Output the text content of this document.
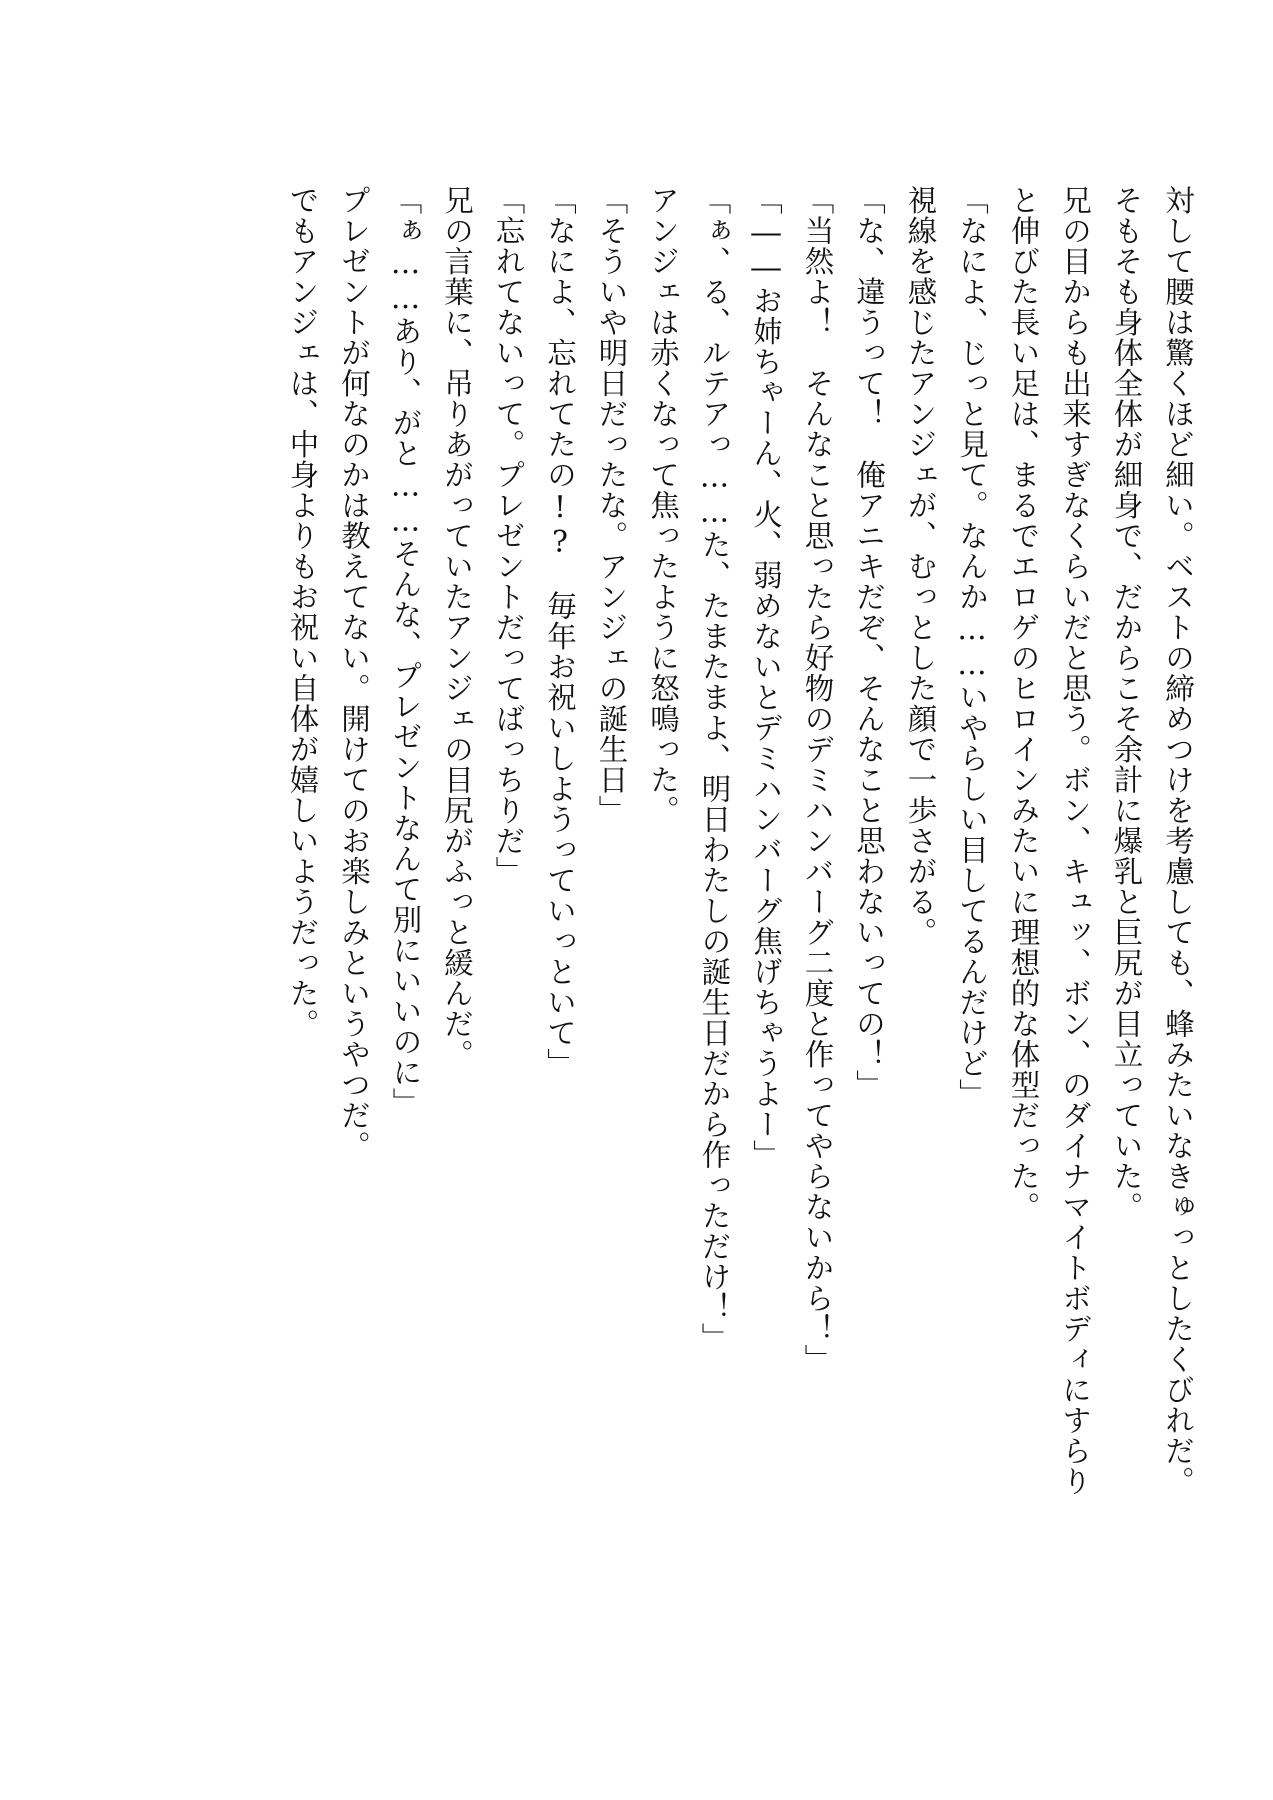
対して腰は驚くほど細い。ベストの締めつけを考慮しても、蜂みたいなきゅっとしたくびれだ。
そもそも身体全体が細身で、だからこそ余計に爆乳と巨尻が目立っていた。
兄の目からも出来すぎなくらいだと思う。ボン、キュッ、ボン、のダイナマイトボディにすらり
と伸びた長い足は、まるでエロゲのヒロインみたいに理想的な体型だった。
「なによ、じっと見て。なんか……いやらしい目してるんだけど」
視線を感じたアンジェが、むっとした顔で一歩さがる。
「な、違うって！　俺アニキだぞ、そんなこと思わないっての！」
「当然よ！　そんなこと思ったら好物のデミハンバーグ二度と作ってやらないから！」
「――お姉ちゃーん、火、弱めないとデミハンバーグ焦げちゃうよー」
「ぁ、る、ルテアっ……た、たまたまよ、明日わたしの誕生日だから作っただけ！」
アンジェは赤くなって焦ったように怒鳴った。
「そういや明日だったな。アンジェの誕生日」
「なによ、忘れてたの!?　毎年お祝いしようっていっといて」
「忘れてないって。プレゼントだってばっちりだ」
兄の言葉に、吊りあがっていたアンジェの目尻がふっと緩んだ。
「ぁ……あり、がと……そんな、プレゼントなんて別にいいのに」
プレゼントが何なのかは教えてない。開けてのお楽しみというやつだ。
でもアンジェは、中身よりもお祝い自体が嬉しいようだった。
